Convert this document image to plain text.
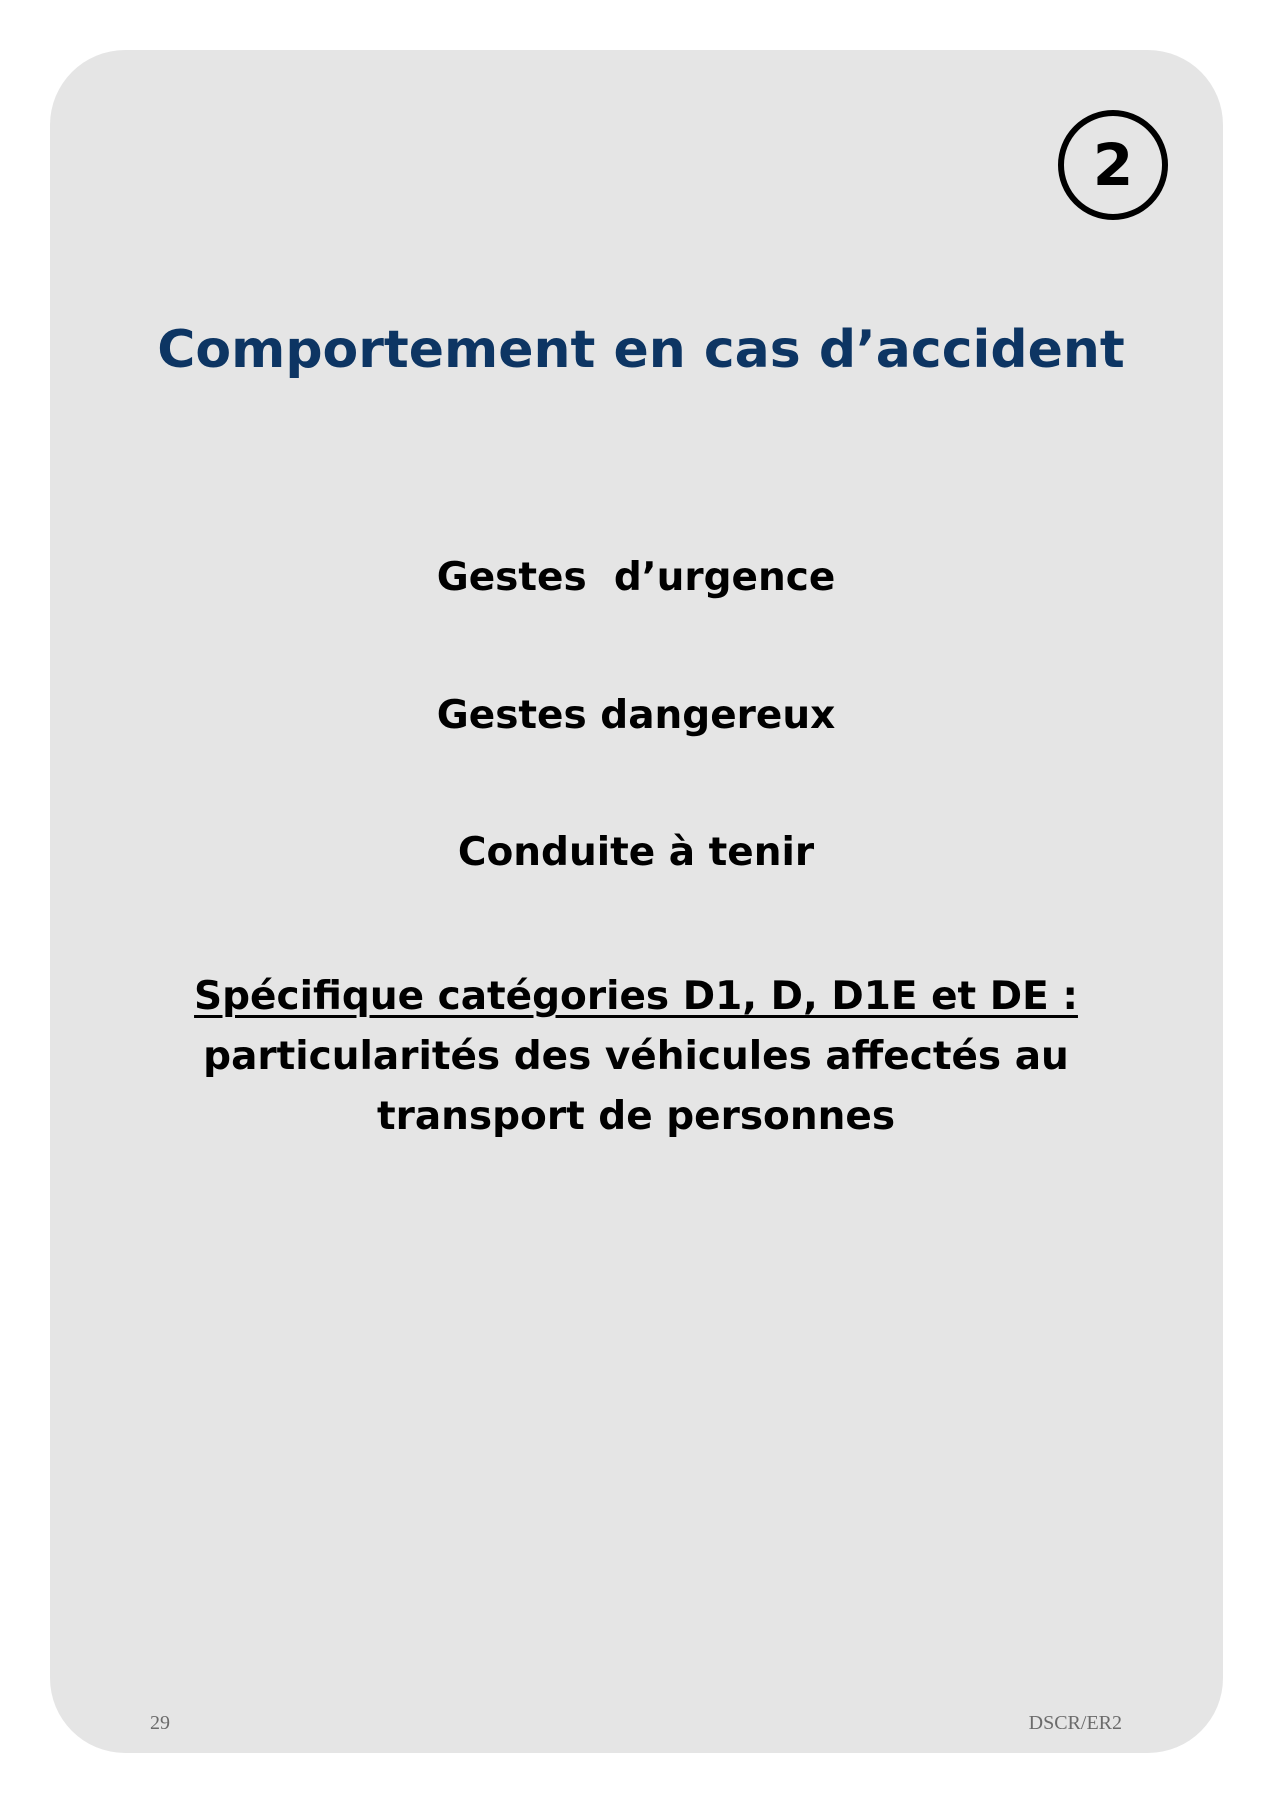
2
Comportement en cas d’accident
Gestes  d’urgence
Gestes dangereux
Conduite à tenir
Spécifique catégories D1, D, D1E et DE :
particularités des véhicules affectés au transport de personnes
29	DSCR/ER2
